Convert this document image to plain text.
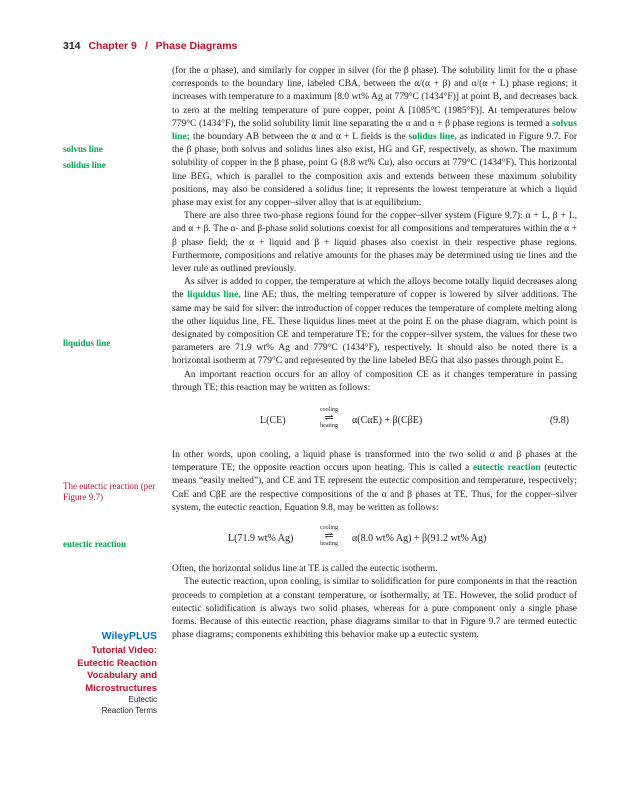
314 Chapter 9 / Phase Diagrams
solvus line
solidus line
liquidus line
The eutectic reaction (per Figure 9.7)
eutectic reaction
WileyPLUS
Tutorial Video:
Eutectic Reaction
Vocabulary and
Microstructures
Eutectic
Reaction Terms

(for the α phase), and similarly for copper in silver (for the β phase). The solubility limit for the α phase corresponds to the boundary line, labeled CBA, between the α/(α + β) and α/(α + L) phase regions; it increases with temperature to a maximum [8.0 wt% Ag at 779°C (1434°F)] at point B, and decreases back to zero at the melting temperature of pure copper, point A [1085°C (1985°F)]. At temperatures below 779°C (1434°F), the solid solubility limit line separating the α and α + β phase regions is termed a solvus line; the boundary AB between the α and α + L fields is the solidus line, as indicated in Figure 9.7. For the β phase, both solvus and solidus lines also exist, HG and GF, respectively, as shown. The maximum solubility of copper in the β phase, point G (8.8 wt% Cu), also occurs at 779°C (1434°F). This horizontal line BEG, which is parallel to the composition axis and extends between these maximum solubility positions, may also be considered a solidus line; it represents the lowest temperature at which a liquid phase may exist for any copper–silver alloy that is at equilibrium.

There are also three two-phase regions found for the copper–silver system (Figure 9.7): α + L, β + L, and α + β. The α- and β-phase solid solutions coexist for all compositions and temperatures within the α + β phase field; the α + liquid and β + liquid phases also coexist in their respective phase regions. Furthermore, compositions and relative amounts for the phases may be determined using tie lines and the lever rule as outlined previously.

As silver is added to copper, the temperature at which the alloys become totally liquid decreases along the liquidus line, line AE; thus, the melting temperature of copper is lowered by silver additions. The same may be said for silver: the introduction of copper reduces the temperature of complete melting along the other liquidus line, FE. These liquidus lines meet at the point E on the phase diagram, which point is designated by composition CE and temperature TE; for the copper–silver system, the values for these two parameters are 71.9 wt% Ag and 779°C (1434°F), respectively. It should also be noted there is a horizontal isotherm at 779°C and represented by the line labeled BEG that also passes through point E.

An important reaction occurs for an alloy of composition CE as it changes temperature in passing through TE; this reaction may be written as follows:

L(CE)
cooling
⇌
heating	α(CαE) + β(CβE)	(9.8)

In other words, upon cooling, a liquid phase is transformed into the two solid α and β phases at the temperature TE; the opposite reaction occurs upon heating. This is called a eutectic reaction (eutectic means “easily melted”), and CE and TE represent the eutectic composition and temperature, respectively; CαE and CβE are the respective compositions of the α and β phases at TE. Thus, for the copper–silver system, the eutectic reaction, Equation 9.8, may be written as follows:

L(71.9 wt% Ag)
cooling
⇌
heating	α(8.0 wt% Ag) + β(91.2 wt% Ag)

Often, the horizontal solidus line at TE is called the eutectic isotherm.

The eutectic reaction, upon cooling, is similar to solidification for pure components in that the reaction proceeds to completion at a constant temperature, or isothermally, at TE. However, the solid product of eutectic solidification is always two solid phases, whereas for a pure component only a single phase forms. Because of this eutectic reaction, phase diagrams similar to that in Figure 9.7 are termed eutectic phase diagrams; components exhibiting this behavior make up a eutectic system.
